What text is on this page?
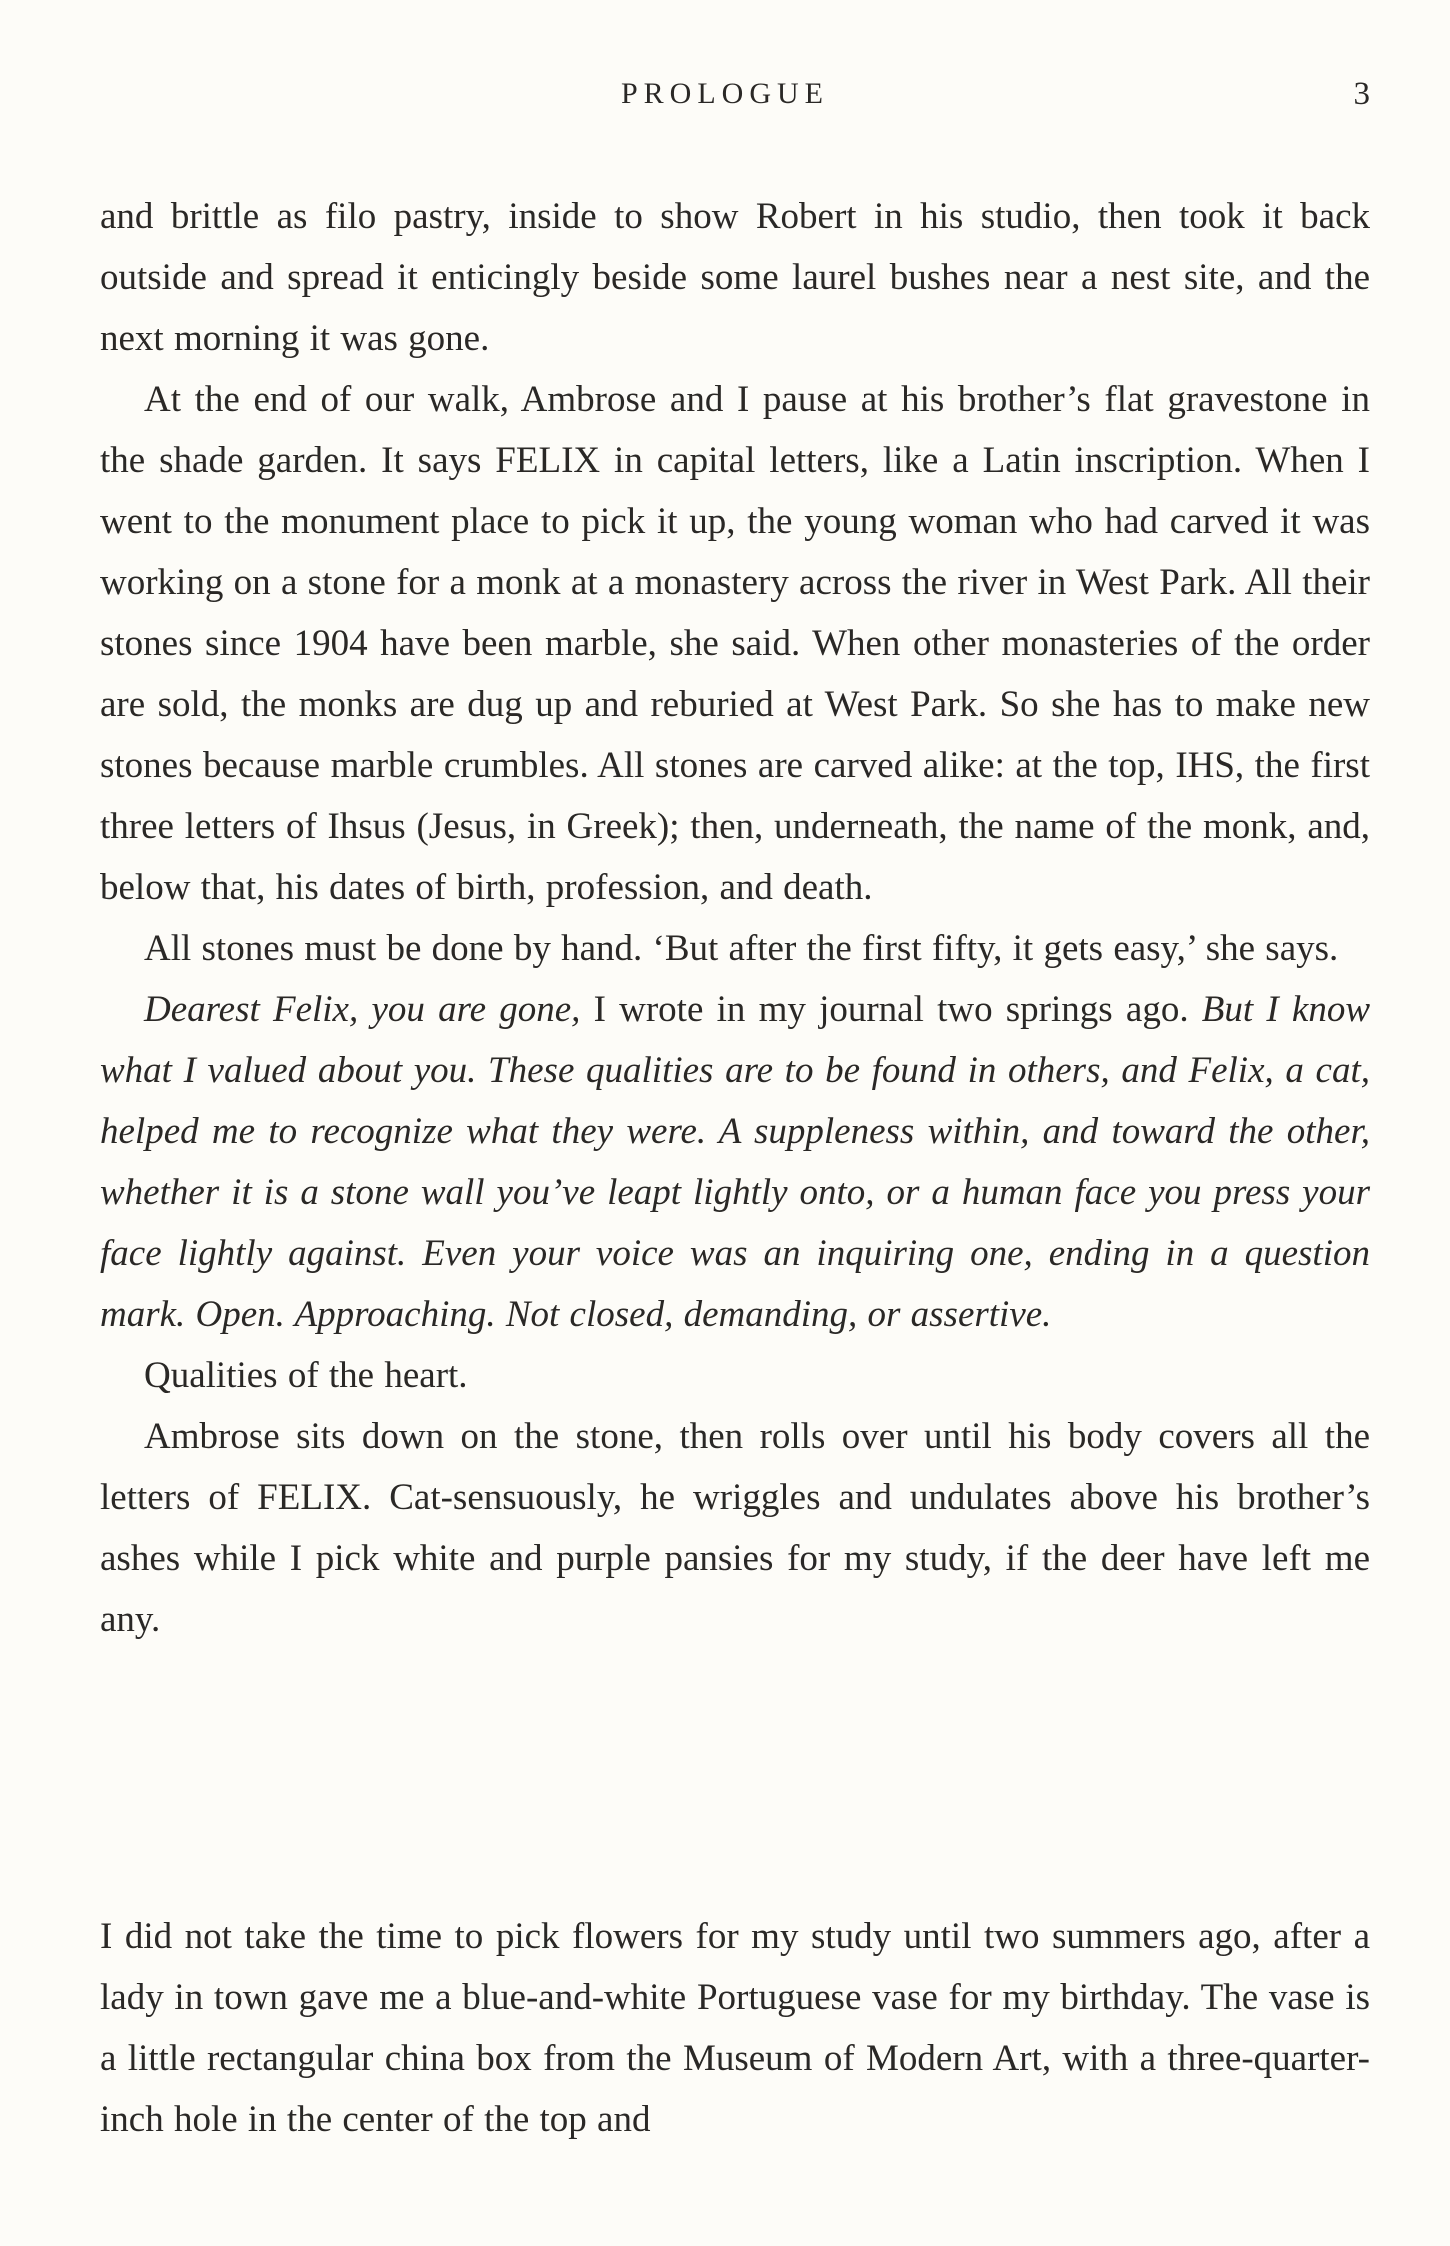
PROLOGUE	3

and brittle as filo pastry, inside to show Robert in his studio, then took it back outside and spread it enticingly beside some laurel bushes near a nest site, and the next morning it was gone.

At the end of our walk, Ambrose and I pause at his brother’s flat gravestone in the shade garden. It says FELIX in capital letters, like a Latin inscription. When I went to the monument place to pick it up, the young woman who had carved it was working on a stone for a monk at a monastery across the river in West Park. All their stones since 1904 have been marble, she said. When other monasteries of the order are sold, the monks are dug up and reburied at West Park. So she has to make new stones because marble crumbles. All stones are carved alike: at the top, IHS, the first three letters of Ihsus (Jesus, in Greek); then, underneath, the name of the monk, and, below that, his dates of birth, profession, and death.

All stones must be done by hand. ‘But after the first fifty, it gets easy,’ she says.

Dearest Felix, you are gone, I wrote in my journal two springs ago. But I know what I valued about you. These qualities are to be found in others, and Felix, a cat, helped me to recognize what they were. A suppleness within, and toward the other, whether it is a stone wall you’ve leapt lightly onto, or a human face you press your face lightly against. Even your voice was an inquiring one, ending in a question mark. Open. Approaching. Not closed, demanding, or assertive.

Qualities of the heart.

Ambrose sits down on the stone, then rolls over until his body covers all the letters of FELIX. Cat-sensuously, he wriggles and undulates above his brother’s ashes while I pick white and purple pansies for my study, if the deer have left me any.

I did not take the time to pick flowers for my study until two summers ago, after a lady in town gave me a blue-and-white Portuguese vase for my birthday. The vase is a little rectangular china box from the Museum of Modern Art, with a three-quarter-inch hole in the center of the top and
